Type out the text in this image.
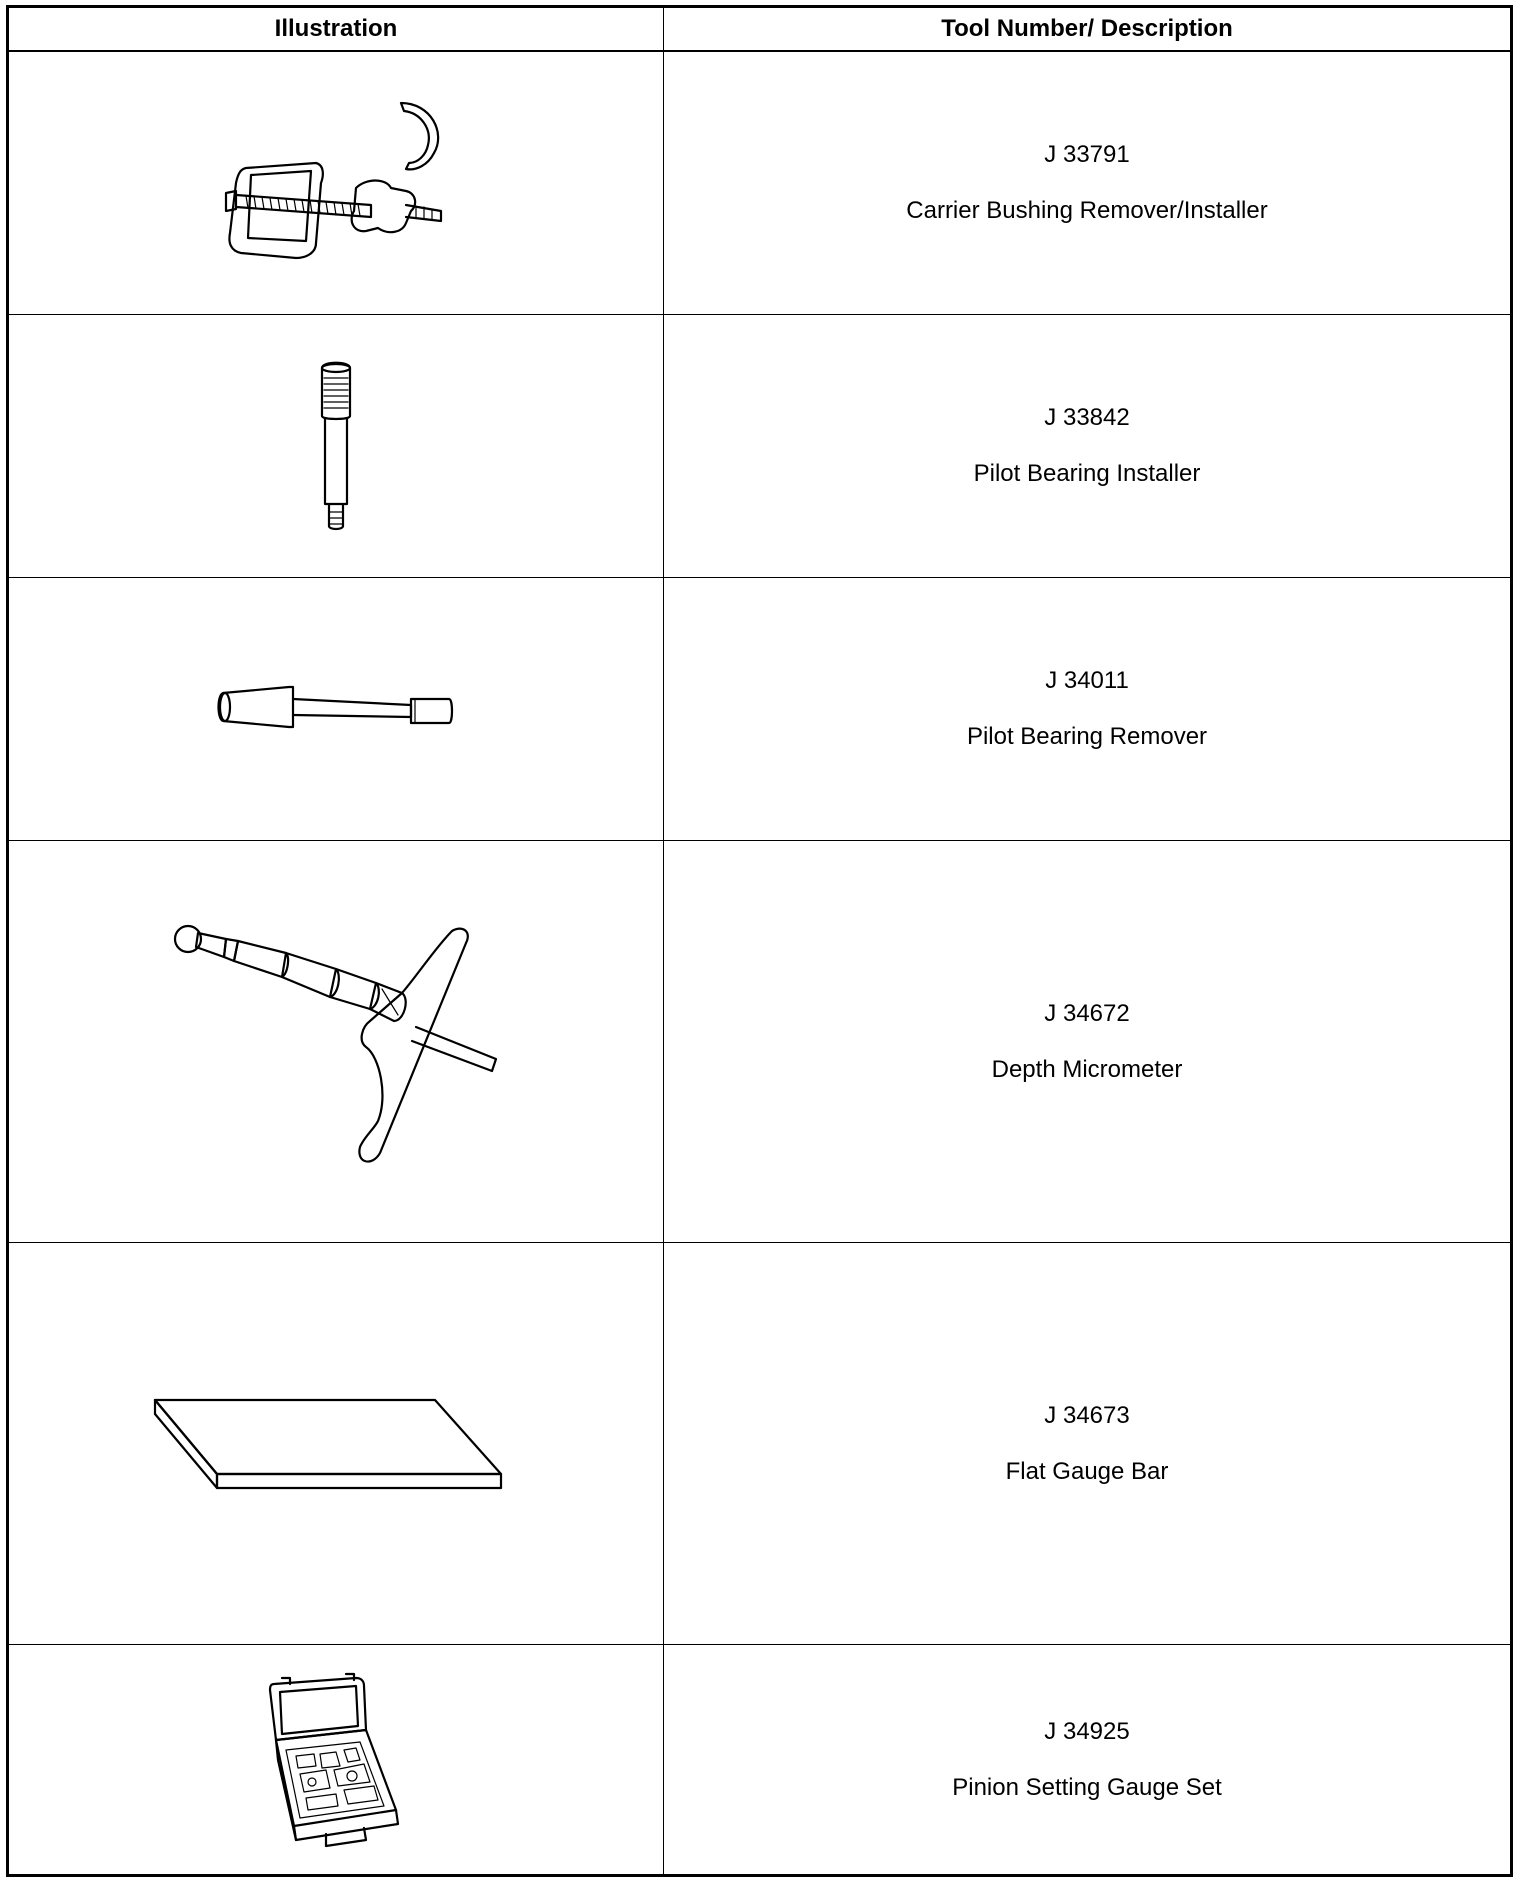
Illustration	Tool Number/ Description
J 33791
Carrier Bushing Remover/Installer
J 33842
Pilot Bearing Installer
J 34011
Pilot Bearing Remover
J 34672
Depth Micrometer
J 34673
Flat Gauge Bar
J 34925
Pinion Setting Gauge Set
